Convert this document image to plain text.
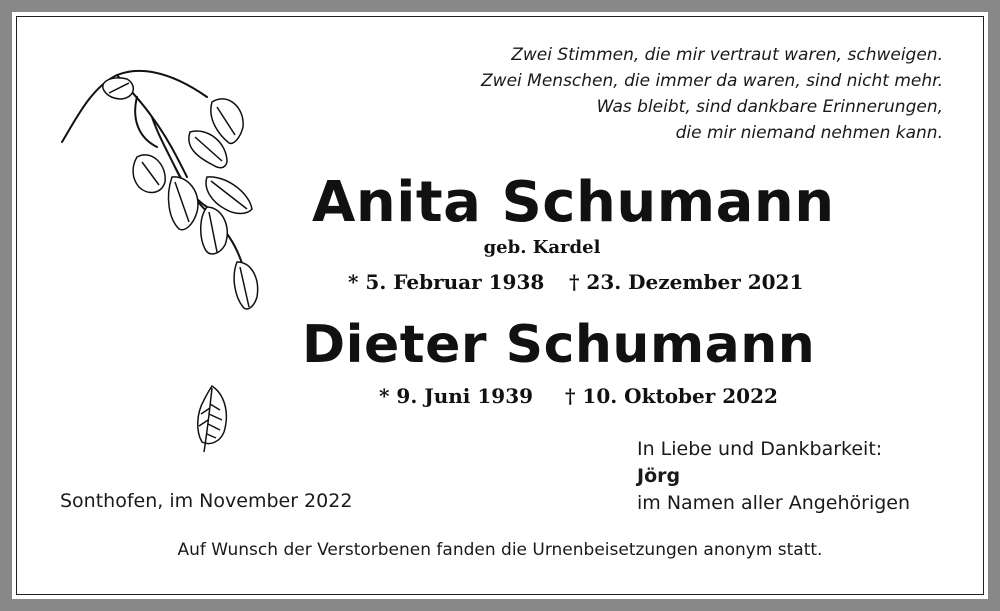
Zwei Stimmen, die mir vertraut waren, schweigen.
Zwei Menschen, die immer da waren, sind nicht mehr.
Was bleibt, sind dankbare Erinnerungen,
die mir niemand nehmen kann.
Anita Schumann
geb. Kardel
* 5. Februar 1938 † 23. Dezember 2021
Dieter Schumann
* 9. Juni 1939 † 10. Oktober 2022
In Liebe und Dankbarkeit:
Jörg
im Namen aller Angehörigen
Sonthofen, im November 2022
Auf Wunsch der Verstorbenen fanden die Urnenbeisetzungen anonym statt.
